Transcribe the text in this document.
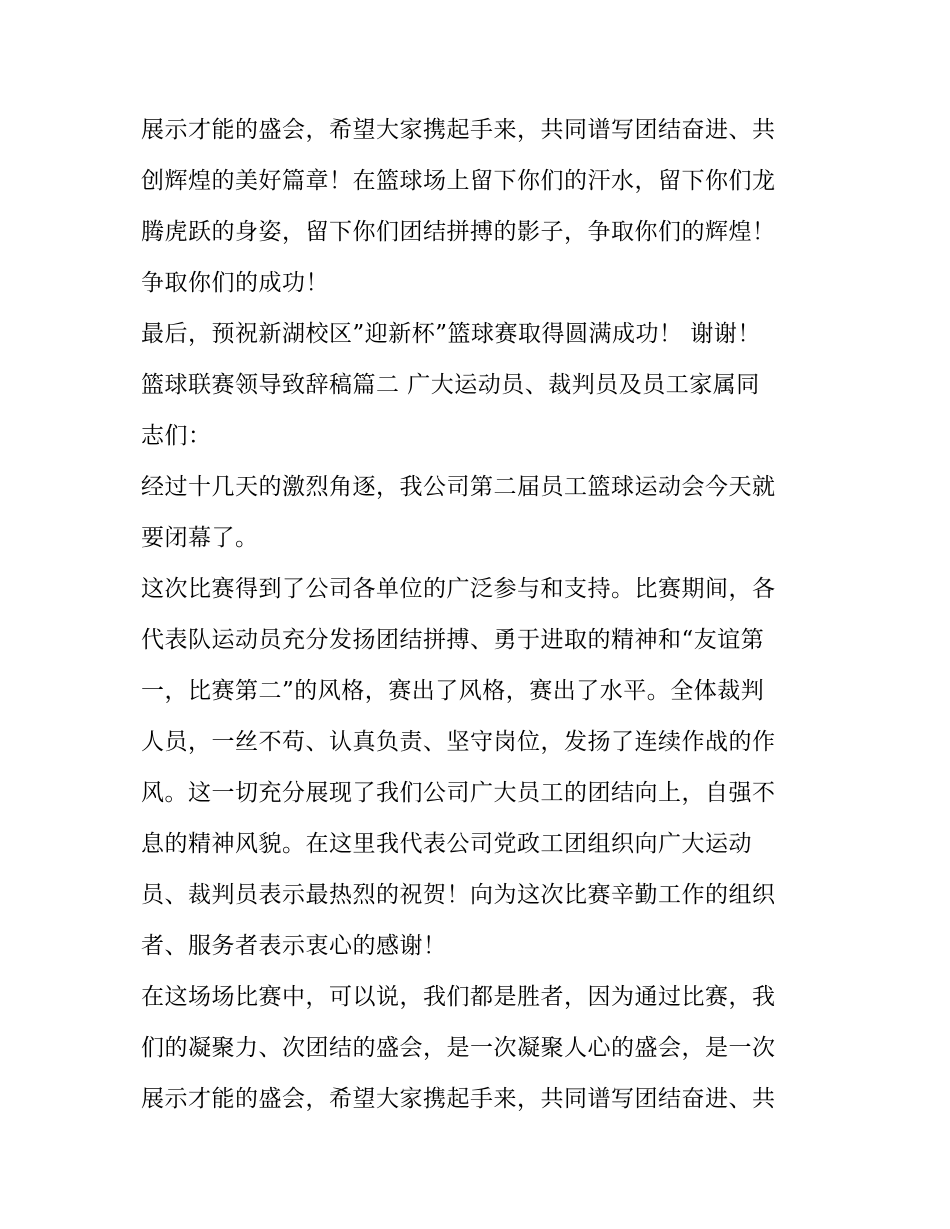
展示才能的盛会，希望大家携起手来，共同谱写团结奋进、共
创辉煌的美好篇章！在篮球场上留下你们的汗水，留下你们龙
腾虎跃的身姿，留下你们团结拼搏的影子，争取你们的辉煌！
争取你们的成功！
最后，预祝新湖校区”迎新杯”篮球赛取得圆满成功！ 谢谢！
篮球联赛领导致辞稿篇二 广大运动员、裁判员及员工家属同
志们：
经过十几天的激烈角逐，我公司第二届员工篮球运动会今天就
要闭幕了。
这次比赛得到了公司各单位的广泛参与和支持。比赛期间，各
代表队运动员充分发扬团结拼搏、勇于进取的精神和“友谊第
一，比赛第二”的风格，赛出了风格，赛出了水平。全体裁判
人员，一丝不苟、认真负责、坚守岗位，发扬了连续作战的作
风。这一切充分展现了我们公司广大员工的团结向上，自强不
息的精神风貌。在这里我代表公司党政工团组织向广大运动
员、裁判员表示最热烈的祝贺！向为这次比赛辛勤工作的组织
者、服务者表示衷心的感谢！
在这场场比赛中，可以说，我们都是胜者，因为通过比赛，我
们的凝聚力、次团结的盛会，是一次凝聚人心的盛会，是一次
展示才能的盛会，希望大家携起手来，共同谱写团结奋进、共
